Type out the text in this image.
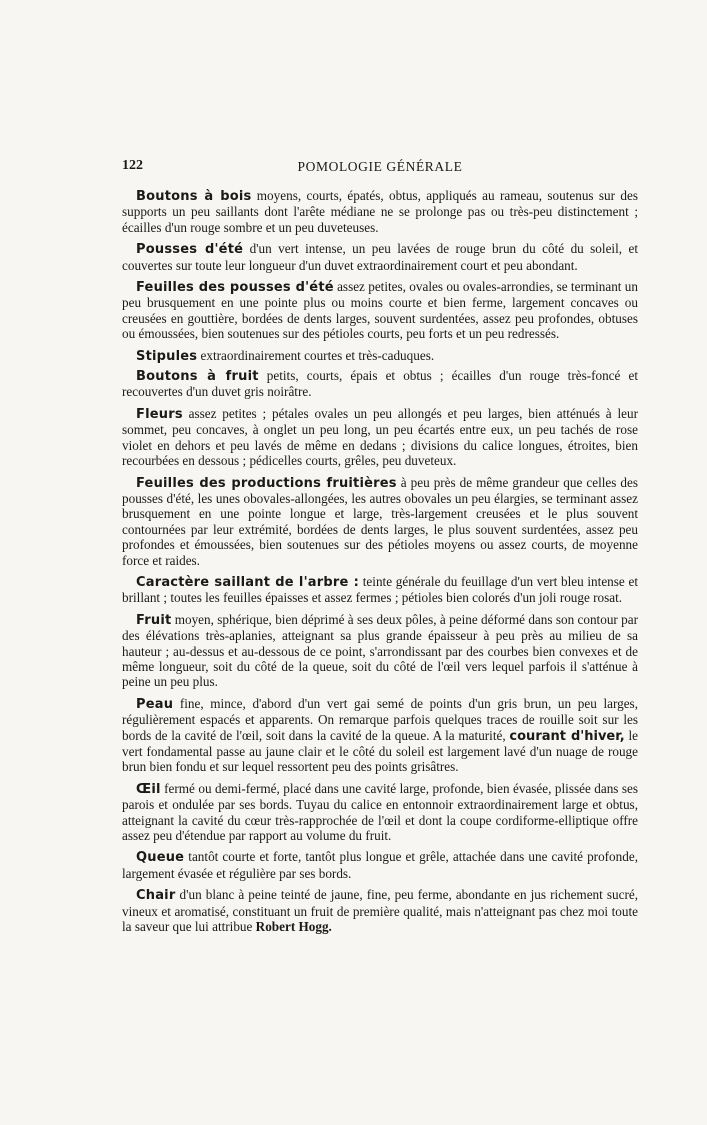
122	POMOLOGIE GÉNÉRALE

Boutons à bois moyens, courts, épatés, obtus, appliqués au rameau, soutenus sur des supports un peu saillants dont l'arête médiane ne se prolonge pas ou très-peu distinctement ; écailles d'un rouge sombre et un peu duveteuses.

Pousses d'été d'un vert intense, un peu lavées de rouge brun du côté du soleil, et couvertes sur toute leur longueur d'un duvet extraordinairement court et peu abondant.

Feuilles des pousses d'été assez petites, ovales ou ovales-arrondies, se terminant un peu brusquement en une pointe plus ou moins courte et bien ferme, largement concaves ou creusées en gouttière, bordées de dents larges, souvent surdentées, assez peu profondes, obtuses ou émoussées, bien soutenues sur des pétioles courts, peu forts et un peu redressés.

Stipules extraordinairement courtes et très-caduques.

Boutons à fruit petits, courts, épais et obtus ; écailles d'un rouge très-foncé et recouvertes d'un duvet gris noirâtre.

Fleurs assez petites ; pétales ovales un peu allongés et peu larges, bien atténués à leur sommet, peu concaves, à onglet un peu long, un peu écartés entre eux, un peu tachés de rose violet en dehors et peu lavés de même en dedans ; divisions du calice longues, étroites, bien recourbées en dessous ; pédicelles courts, grêles, peu duveteux.

Feuilles des productions fruitières à peu près de même grandeur que celles des pousses d'été, les unes obovales-allongées, les autres obovales un peu élargies, se terminant assez brusquement en une pointe longue et large, très-largement creusées et le plus souvent contournées par leur extrémité, bordées de dents larges, le plus souvent surdentées, assez peu profondes et émoussées, bien soutenues sur des pétioles moyens ou assez courts, de moyenne force et raides.

Caractère saillant de l'arbre : teinte générale du feuillage d'un vert bleu intense et brillant ; toutes les feuilles épaisses et assez fermes ; pétioles bien colorés d'un joli rouge rosat.

Fruit moyen, sphérique, bien déprimé à ses deux pôles, à peine déformé dans son contour par des élévations très-aplanies, atteignant sa plus grande épaisseur à peu près au milieu de sa hauteur ; au-dessus et au-dessous de ce point, s'arrondissant par des courbes bien convexes et de même longueur, soit du côté de la queue, soit du côté de l'œil vers lequel parfois il s'atténue à peine un peu plus.

Peau fine, mince, d'abord d'un vert gai semé de points d'un gris brun, un peu larges, régulièrement espacés et apparents. On remarque parfois quelques traces de rouille soit sur les bords de la cavité de l'œil, soit dans la cavité de la queue. A la maturité, courant d'hiver, le vert fondamental passe au jaune clair et le côté du soleil est largement lavé d'un nuage de rouge brun bien fondu et sur lequel ressortent peu des points grisâtres.

Œil fermé ou demi-fermé, placé dans une cavité large, profonde, bien évasée, plissée dans ses parois et ondulée par ses bords. Tuyau du calice en entonnoir extraordinairement large et obtus, atteignant la cavité du cœur très-rapprochée de l'œil et dont la coupe cordiforme-elliptique offre assez peu d'étendue par rapport au volume du fruit.

Queue tantôt courte et forte, tantôt plus longue et grêle, attachée dans une cavité profonde, largement évasée et régulière par ses bords.

Chair d'un blanc à peine teinté de jaune, fine, peu ferme, abondante en jus richement sucré, vineux et aromatisé, constituant un fruit de première qualité, mais n'atteignant pas chez moi toute la saveur que lui attribue Robert Hogg.
